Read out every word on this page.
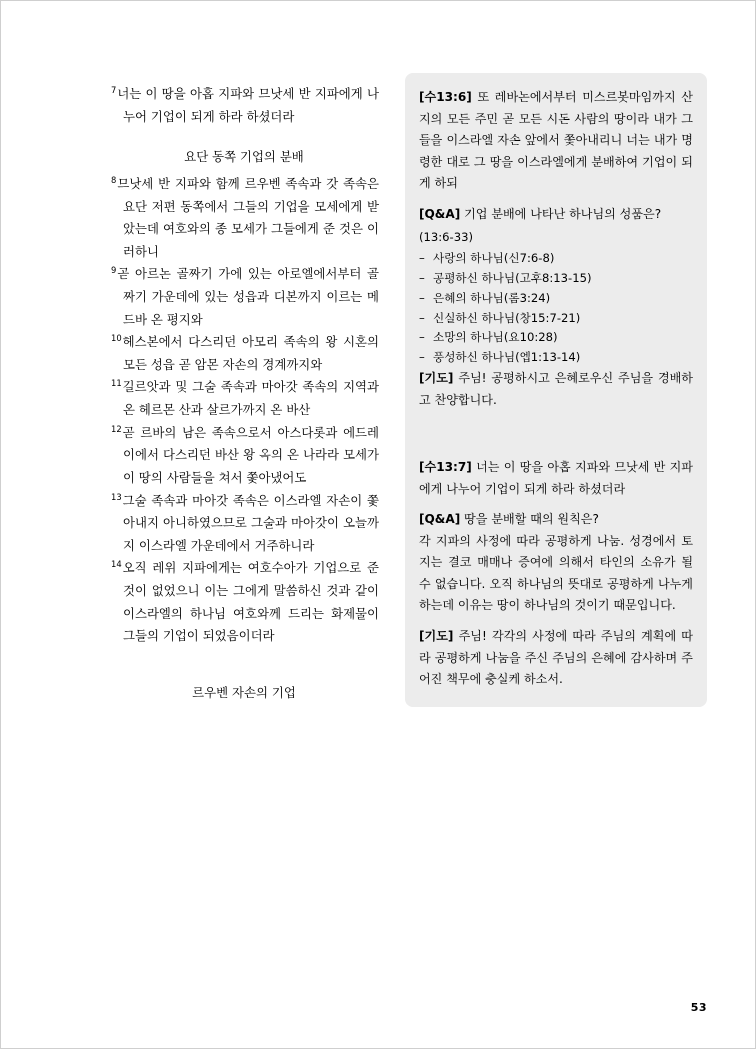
$^7$너는 이 땅을 아홉 지파와 므낫세 반 지파에게 나누어 기업이 되게 하라 하셨더라

요단 동쪽 기업의 분배

$^8$므낫세 반 지파와 함께 르우벤 족속과 갓 족속은 요단 저편 동쪽에서 그들의 기업을 모세에게 받았는데 여호와의 종 모세가 그들에게 준 것은 이러하니

$^9$곧 아르논 골짜기 가에 있는 아로엘에서부터 골짜기 가운데에 있는 성읍과 디본까지 이르는 메드바 온 평지와

$^{10}$헤스본에서 다스리던 아모리 족속의 왕 시혼의 모든 성읍 곧 암몬 자손의 경계까지와

$^{11}$길르앗과 및 그술 족속과 마아갓 족속의 지역과 온 헤르몬 산과 살르가까지 온 바산

$^{12}$곧 르바의 남은 족속으로서 아스다롯과 에드레이에서 다스리던 바산 왕 옥의 온 나라라 모세가 이 땅의 사람들을 쳐서 쫓아냈어도

$^{13}$그술 족속과 마아갓 족속은 이스라엘 자손이 쫓아내지 아니하였으므로 그술과 마아갓이 오늘까지 이스라엘 가운데에서 거주하니라

$^{14}$오직 레위 지파에게는 여호수아가 기업으로 준 것이 없었으니 이는 그에게 말씀하신 것과 같이 이스라엘의 하나님 여호와께 드리는 화제물이 그들의 기업이 되었음이더라

르우벤 자손의 기업

[수13:6] 또 레바논에서부터 미스르봇마임까지 산지의 모든 주민 곧 모든 시돈 사람의 땅이라 내가 그들을 이스라엘 자손 앞에서 쫓아내리니 너는 내가 명령한 대로 그 땅을 이스라엘에게 분배하여 기업이 되게 하되

[Q&A] 기업 분배에 나타난 하나님의 성품은?

(13:6-33)
– 사랑의 하나님(신7:6-8)
– 공평하신 하나님(고후8:13-15)
– 은혜의 하나님(롬3:24)
– 신실하신 하나님(창15:7-21)
– 소망의 하나님(요10:28)
– 풍성하신 하나님(엡1:13-14)

[기도] 주님! 공평하시고 은혜로우신 주님을 경배하고 찬양합니다.

[수13:7] 너는 이 땅을 아홉 지파와 므낫세 반 지파에게 나누어 기업이 되게 하라 하셨더라

[Q&A] 땅을 분배할 때의 원칙은?

각 지파의 사정에 따라 공평하게 나눔. 성경에서 토지는 결코 매매나 증여에 의해서 타인의 소유가 될 수 없습니다. 오직 하나님의 뜻대로 공평하게 나누게 하는데 이유는 땅이 하나님의 것이기 때문입니다.

[기도] 주님! 각각의 사정에 따라 주님의 계획에 따라 공평하게 나눔을 주신 주님의 은혜에 감사하며 주어진 책무에 충실케 하소서.

53
